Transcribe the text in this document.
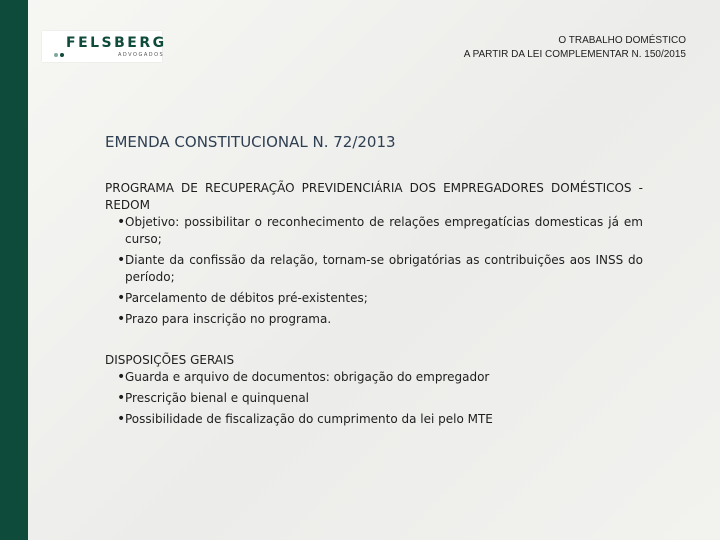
FELSBERG
ADVOGADOS
O TRABALHO DOMÉSTICO
A PARTIR DA LEI COMPLEMENTAR N. 150/2015
EMENDA CONSTITUCIONAL N. 72/2013
PROGRAMA DE RECUPERAÇÃO PREVIDENCIÁRIA DOS EMPREGADORES DOMÉSTICOS - REDOM
• Objetivo: possibilitar o reconhecimento de relações empregatícias domesticas já em curso;
• Diante da confissão da relação, tornam-se obrigatórias as contribuições aos INSS do período;
• Parcelamento de débitos pré-existentes;
• Prazo para inscrição no programa.
DISPOSIÇÕES GERAIS
• Guarda e arquivo de documentos: obrigação do empregador
• Prescrição bienal e quinquenal
• Possibilidade de fiscalização do cumprimento da lei pelo MTE
